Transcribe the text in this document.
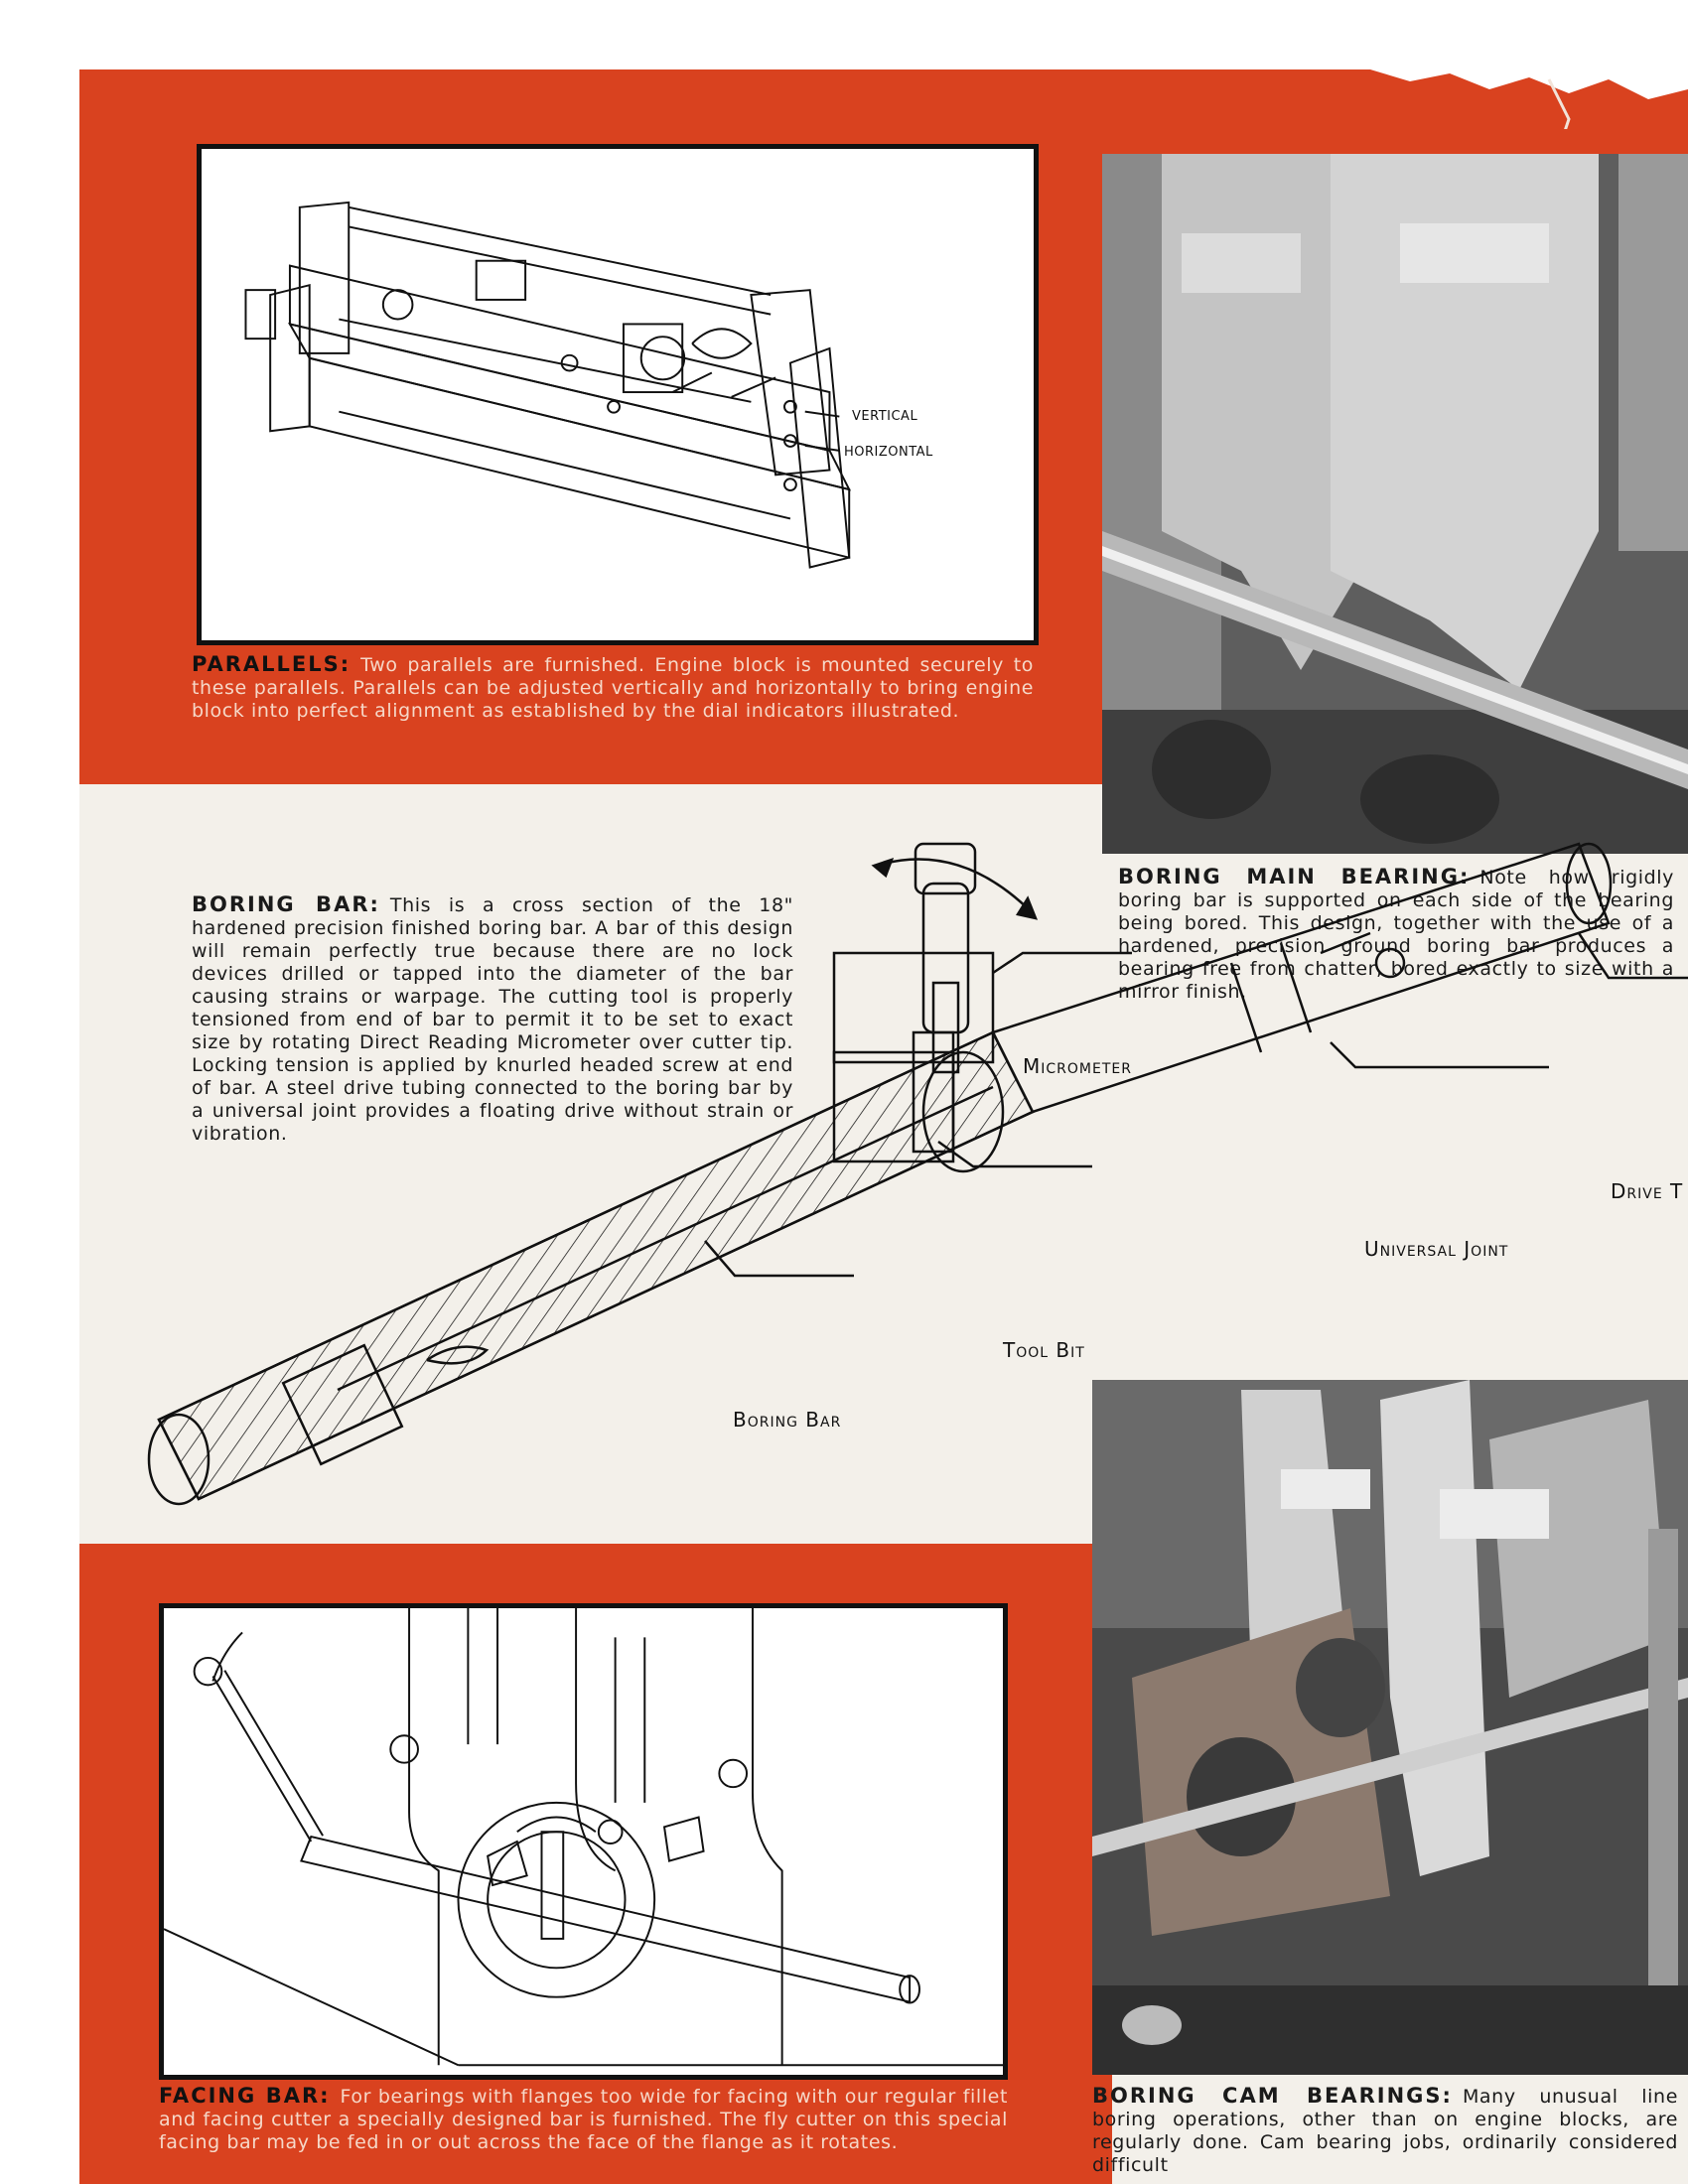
VERTICAL
HORIZONTAL
PARALLELS: Two parallels are furnished. Engine block is mounted securely to these parallels. Parallels can be adjusted vertically and horizontally to bring engine block into perfect alignment as established by the dial indicators illustrated.
BORING MAIN BEARING: Note how rigidly boring bar is supported on each side of the bearing being bored. This design, together with the use of a hardened, precision ground boring bar produces a bearing free from chatter, bored exactly to size with a mirror finish.
BORING BAR: This is a cross section of the 18" hardened precision finished boring bar. A bar of this design will remain perfectly true because there are no lock devices drilled or tapped into the diameter of the bar causing strains or warpage. The cutting tool is properly tensioned from end of bar to permit it to be set to exact size by rotating Direct Reading Micrometer over cutter tip. Locking tension is applied by knurled headed screw at end of bar. A steel drive tubing connected to the boring bar by a universal joint provides a floating drive without strain or vibration.
Micrometer
Drive T
Universal Joint
Tool Bit
Boring Bar
FACING BAR: For bearings with flanges too wide for facing with our regular fillet and facing cutter a specially designed bar is furnished. The fly cutter on this special facing bar may be fed in or out across the face of the flange as it rotates.
BORING CAM BEARINGS: Many unusual line boring operations, other than on engine blocks, are regularly done. Cam bearing jobs, ordinarily considered difficult
